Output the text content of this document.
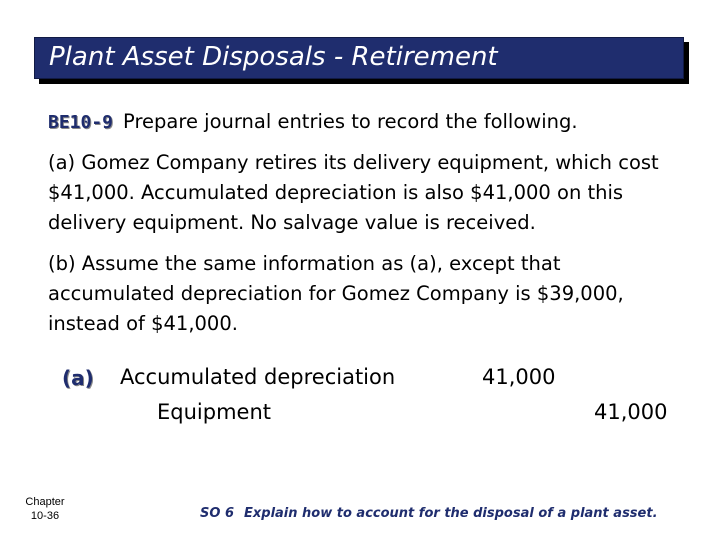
Plant Asset Disposals - Retirement
BE10-9 Prepare journal entries to record the following.
(a) Gomez Company retires its delivery equipment, which cost
$41,000. Accumulated depreciation is also $41,000 on this
delivery equipment. No salvage value is received.
(b) Assume the same information as (a), except that
accumulated depreciation for Gomez Company is $39,000,
instead of $41,000.
(a) Accumulated depreciation	41,000
Equipment	41,000
Chapter
10-36	SO 6 Explain how to account for the disposal of a plant asset.
